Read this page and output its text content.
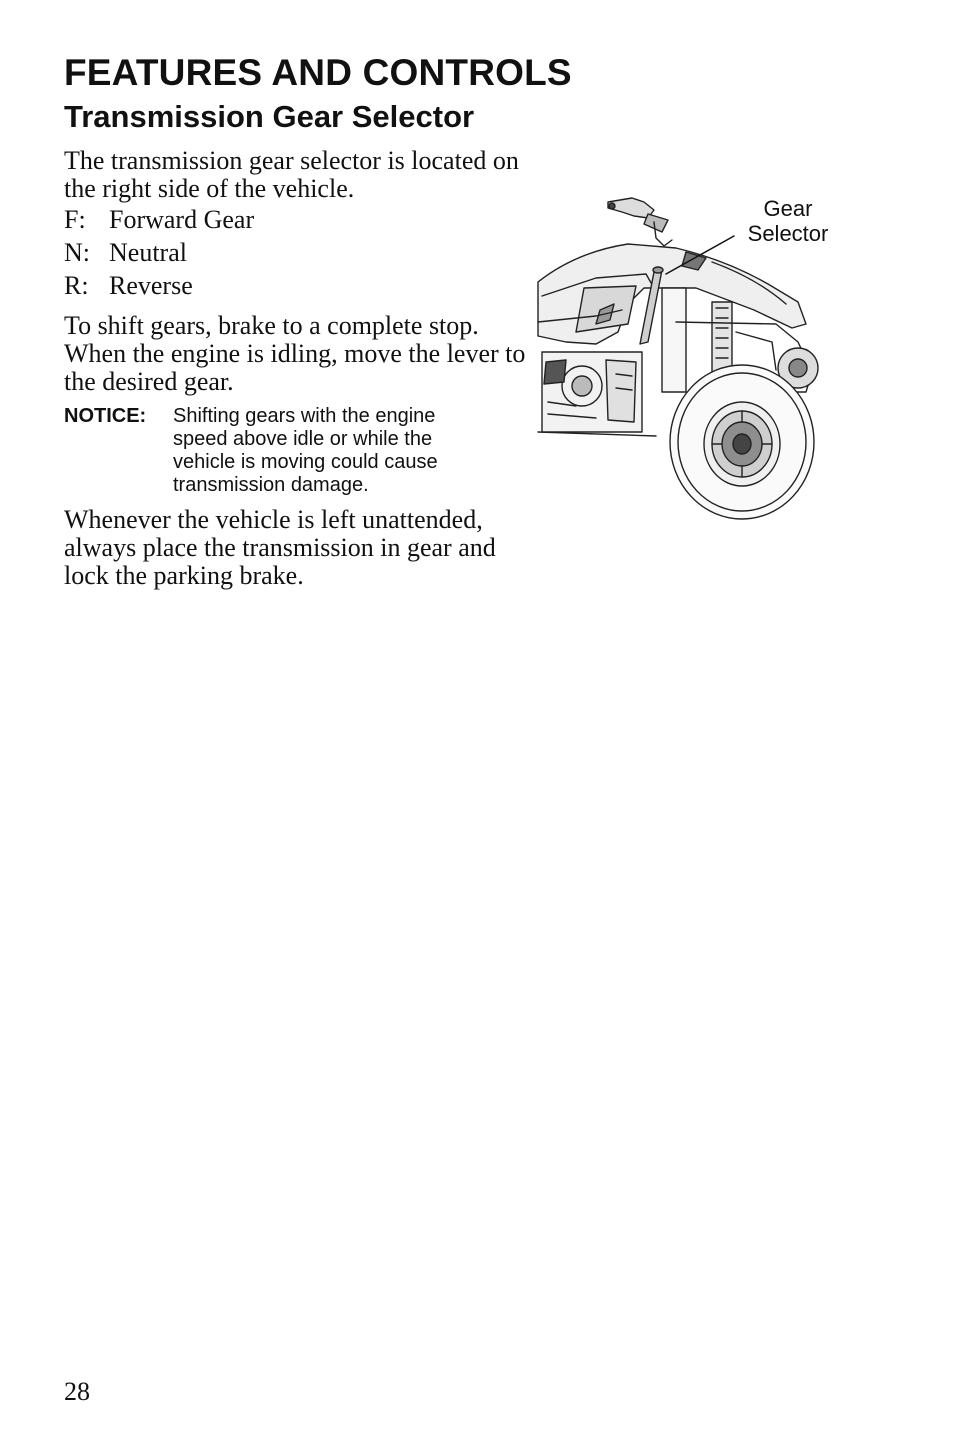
FEATURES AND CONTROLS
Transmission Gear Selector

The transmission gear selector is located on the right side of the vehicle.

F: Forward Gear
N: Neutral
R: Reverse

To shift gears, brake to a complete stop. When the engine is idling, move the lever to the desired gear.

NOTICE:	Shifting gears with the engine speed above idle or while the vehicle is moving could cause transmission damage.

Whenever the vehicle is left unattended, always place the transmission in gear and lock the parking brake.

Gear
Selector
28
